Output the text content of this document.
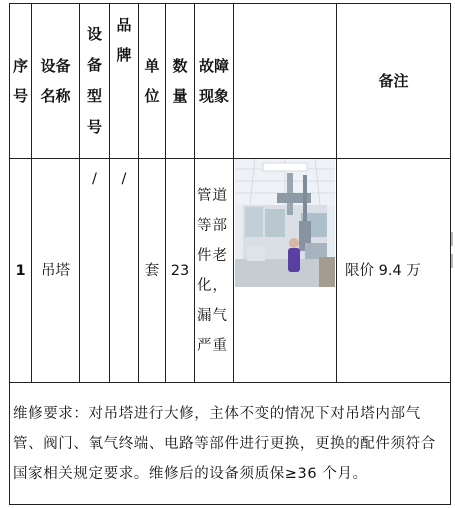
序号	设备名称	设备型号	品牌	单位	数量	故障现象		备注
1	吊塔	/	/	套	23	管道等部件老化，漏气严重		限价 9.4 万

维修要求：对吊塔进行大修，主体不变的情况下对吊塔内部气管、阀门、氧气终端、电路等部件进行更换，更换的配件须符合国家相关规定要求。维修后的设备须质保≥36 个月。								
